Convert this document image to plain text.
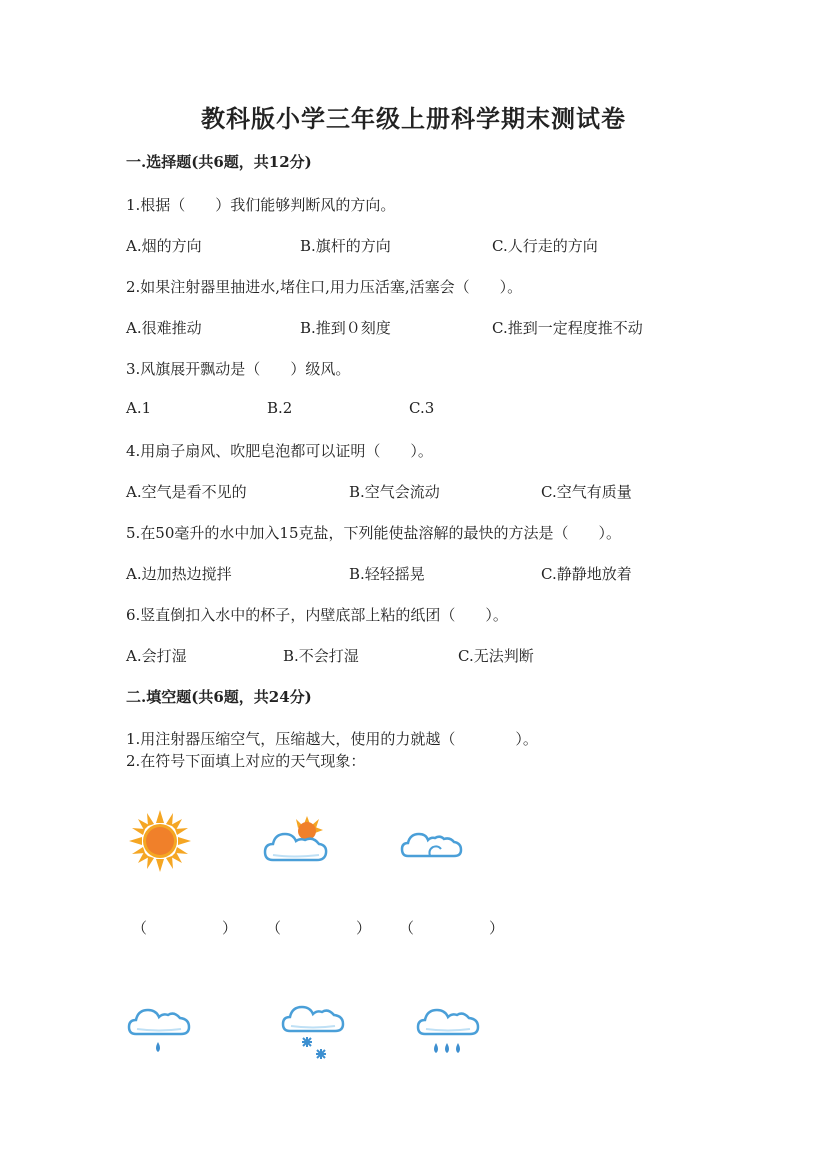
教科版小学三年级上册科学期末测试卷
一.选择题(共6题，共12分)
1.根据（　　）我们能够判断风的方向。
A.烟的方向	B.旗杆的方向	C.人行走的方向
2.如果注射器里抽进水,堵住口,用力压活塞,活塞会（　　）。
A.很难推动	B.推到０刻度	C.推到一定程度推不动
3.风旗展开飘动是（　　）级风。
A.1	B.2	C.3
4.用扇子扇风、吹肥皂泡都可以证明（　　）。
A.空气是看不见的	B.空气会流动	C.空气有质量
5.在50毫升的水中加入15克盐，下列能使盐溶解的最快的方法是（　　）。
A.边加热边搅拌	B.轻轻摇晃	C.静静地放着
6.竖直倒扣入水中的杯子，内壁底部上粘的纸团（　　）。
A.会打湿	B.不会打湿	C.无法判断
二.填空题(共6题，共24分)
1.用注射器压缩空气，压缩越大，使用的力就越（　　　　）。
2.在符号下面填上对应的天气现象：
（　　　　　） （　　　　　） （　　　　　）
